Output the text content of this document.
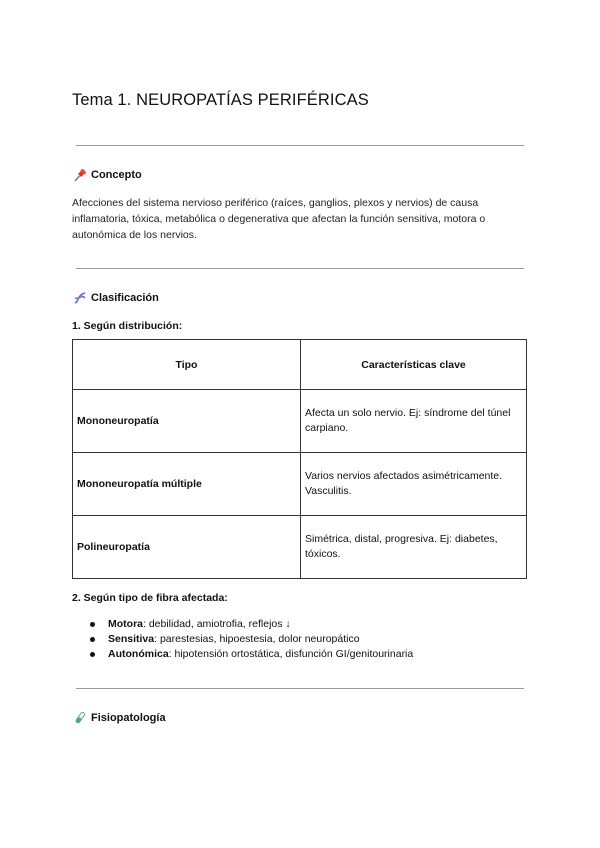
Tema 1. NEUROPATÍAS PERIFÉRICAS
Concepto

Afecciones del sistema nervioso periférico (raíces, ganglios, plexos y nervios) de causa inflamatoria, tóxica, metabólica o degenerativa que afectan la función sensitiva, motora o autonómica de los nervios.

Clasificación

1. Según distribución:

Tipo	Características clave
Mononeuropatía	Afecta un solo nervio. Ej: síndrome del túnel carpiano.
Mononeuropatía múltiple	Varios nervios afectados asimétricamente. Vasculitis.
Polineuropatía	Simétrica, distal, progresiva. Ej: diabetes, tóxicos.

2. Según tipo de fibra afectada:

Motora: debilidad, amiotrofia, reflejos ↓
Sensitiva: parestesias, hipoestesia, dolor neuropático
Autonómica: hipotensión ortostática, disfunción GI/genitourinaria
Fisiopatología
